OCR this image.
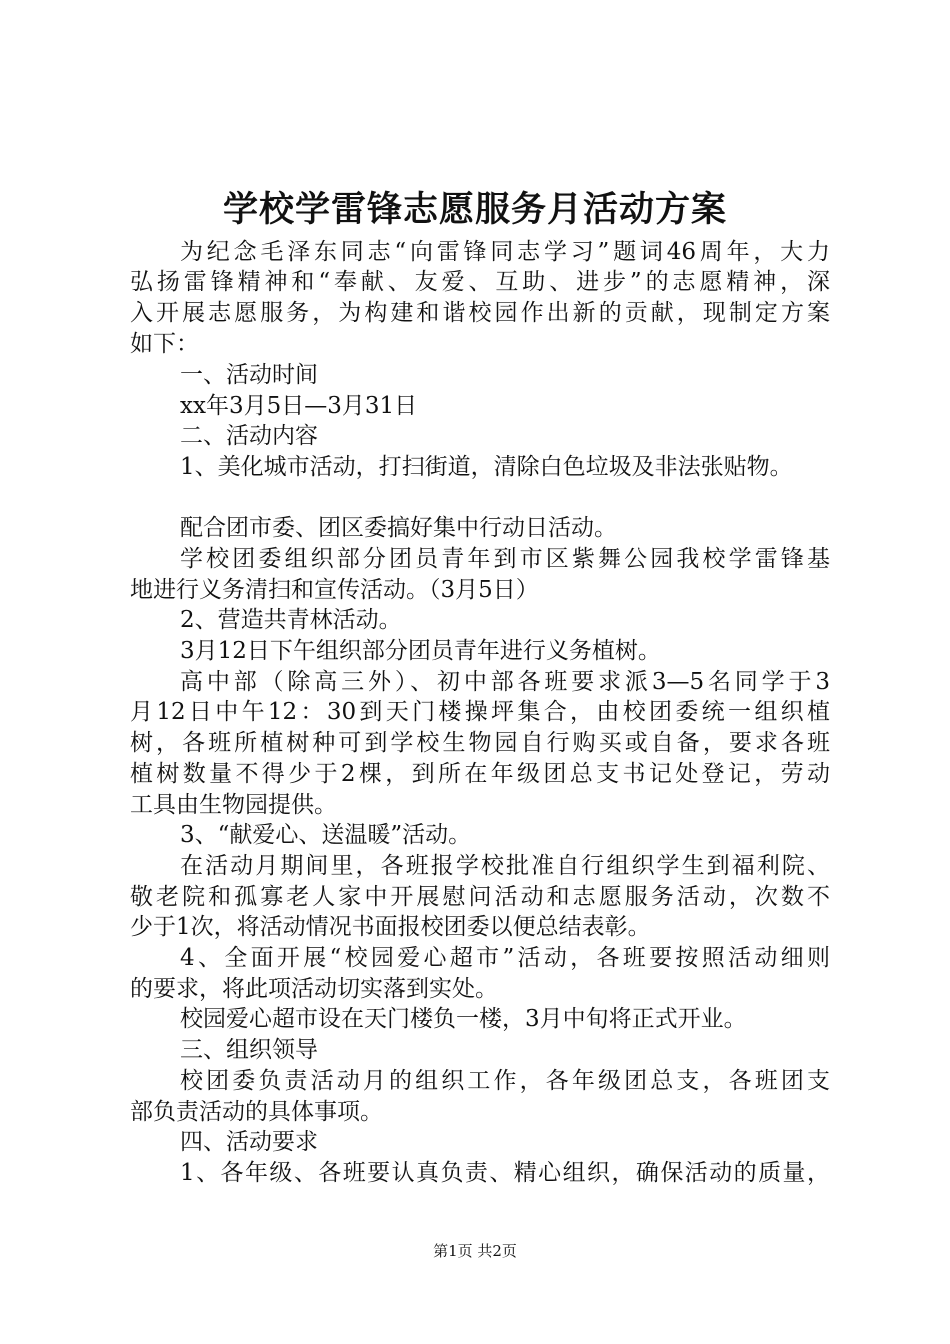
学校学雷锋志愿服务月活动方案
为纪念毛泽东同志“向雷锋同志学习”题词46周年，大力
弘扬雷锋精神和“奉献、友爱、互助、进步”的志愿精神，深
入开展志愿服务，为构建和谐校园作出新的贡献，现制定方案
如下：
一、活动时间
xx年3月5日—3月31日
二、活动内容
1、美化城市活动，打扫街道，清除白色垃圾及非法张贴物。
配合团市委、团区委搞好集中行动日活动。
学校团委组织部分团员青年到市区紫舞公园我校学雷锋基
地进行义务清扫和宣传活动。（3月5日）
2、营造共青林活动。
3月12日下午组织部分团员青年进行义务植树。
高中部（除高三外）、初中部各班要求派3—5名同学于3
月12日中午12：30到天门楼操坪集合，由校团委统一组织植
树，各班所植树种可到学校生物园自行购买或自备，要求各班
植树数量不得少于2棵，到所在年级团总支书记处登记，劳动
工具由生物园提供。
3、“献爱心、送温暖”活动。
在活动月期间里，各班报学校批准自行组织学生到福利院、
敬老院和孤寡老人家中开展慰问活动和志愿服务活动，次数不
少于1次，将活动情况书面报校团委以便总结表彰。
4、全面开展“校园爱心超市”活动，各班要按照活动细则
的要求，将此项活动切实落到实处。
校园爱心超市设在天门楼负一楼，3月中旬将正式开业。
三、组织领导
校团委负责活动月的组织工作，各年级团总支，各班团支
部负责活动的具体事项。
四、活动要求
1、各年级、各班要认真负责、精心组织，确保活动的质量，
第1页 共2页
